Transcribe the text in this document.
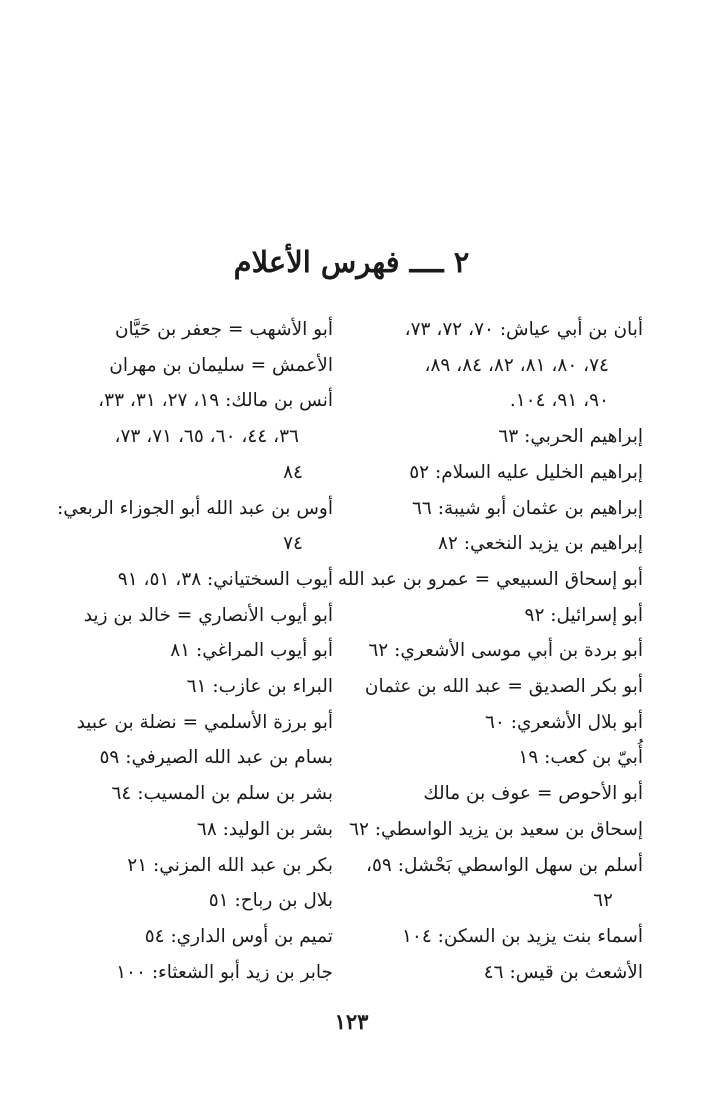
٢ ــــ فهرس الأعلام
أبان بن أبي عياش: ٧٠، ٧٢، ٧٣،
٧٤، ٨٠، ٨١، ٨٢، ٨٤، ٨٩،
٩٠، ٩١، ١٠٤.
إبراهيم الحربي: ٦٣
إبراهيم الخليل عليه السلام: ٥٢
إبراهيم بن عثمان أبو شيبة: ٦٦
إبراهيم بن يزيد النخعي: ٨٢
أبو إسحاق السبيعي = عمرو بن عبد الله
أبو إسرائيل: ٩٢
أبو بردة بن أبي موسى الأشعري: ٦٢
أبو بكر الصديق = عبد الله بن عثمان
أبو بلال الأشعري: ٦٠
أُبيّ بن كعب: ١٩
أبو الأحوص = عوف بن مالك
إسحاق بن سعيد بن يزيد الواسطي: ٦٢
أسلم بن سهل الواسطي بَحْشل: ٥٩،
٦٢
أسماء بنت يزيد بن السكن: ١٠٤
الأشعث بن قيس: ٤٦
أبو الأشهب = جعفر بن حَيَّان
الأعمش = سليمان بن مهران
أنس بن مالك: ١٩، ٢٧، ٣١، ٣٣،
٣٦، ٤٤، ٦٠، ٦٥، ٧١، ٧٣،
٨٤
أوس بن عبد الله أبو الجوزاء الربعي:
٧٤
أيوب السختياني: ٣٨، ٥١، ٩١
أبو أيوب الأنصاري = خالد بن زيد
أبو أيوب المراغي: ٨١
البراء بن عازب: ٦١
أبو برزة الأسلمي = نضلة بن عبيد
بسام بن عبد الله الصيرفي: ٥٩
بشر بن سلم بن المسيب: ٦٤
بشر بن الوليد: ٦٨
بكر بن عبد الله المزني: ٢١
بلال بن رباح: ٥١
تميم بن أوس الداري: ٥٤
جابر بن زيد أبو الشعثاء: ١٠٠
١٢٣
